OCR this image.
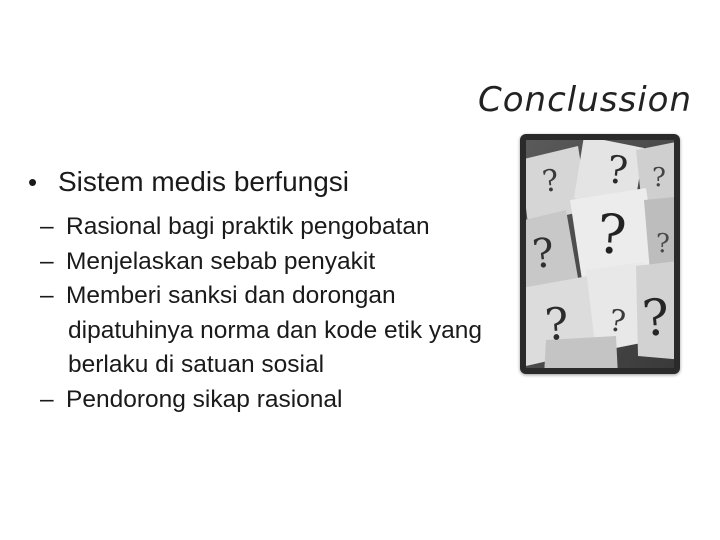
Conclussion
• Sistem medis berfungsi
– Rasional bagi praktik pengobatan
– Menjelaskan sebab penyakit
– Memberi sanksi dan dorongan dipatuhinya norma dan kode etik yang berlaku di satuan sosial
– Pendorong sikap rasional
? ? ?
? ? ?
? ? ?
